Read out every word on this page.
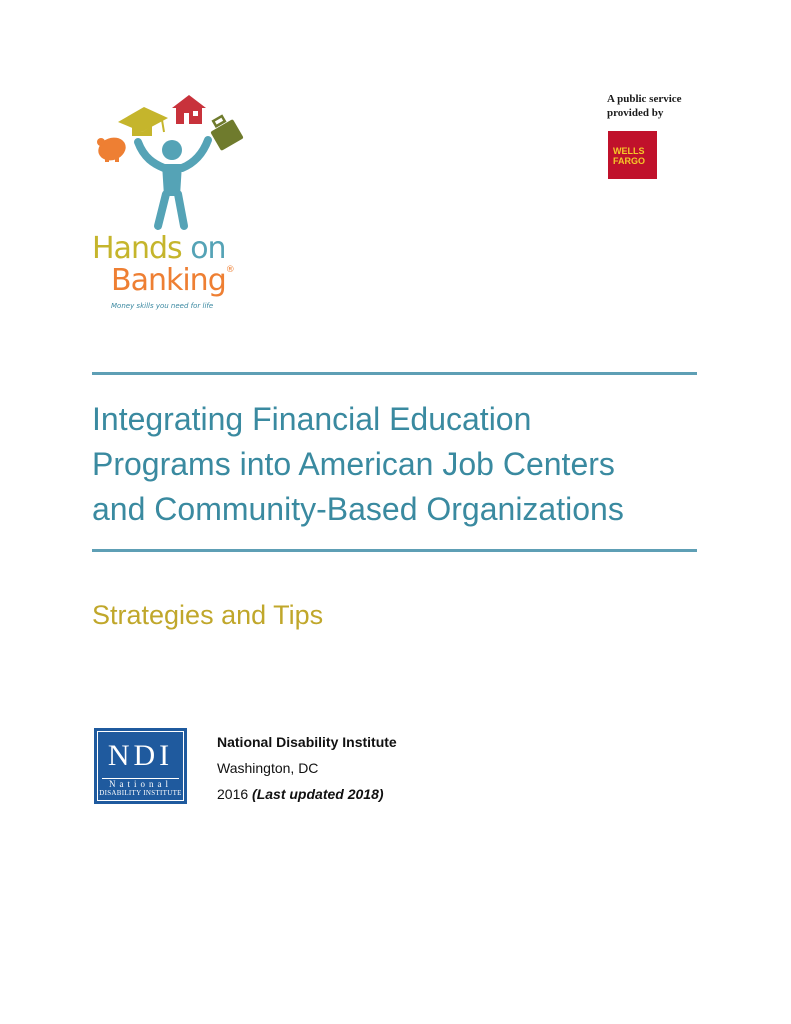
Hands on
Banking®
Money skills you need for life
A public service
provided by
WELLS
FARGO
Integrating Financial Education
Programs into American Job Centers
and Community-Based Organizations
Strategies and Tips
NDI
National
DISABILITY INSTITUTE
National Disability Institute
Washington, DC
2016 (Last updated 2018)
